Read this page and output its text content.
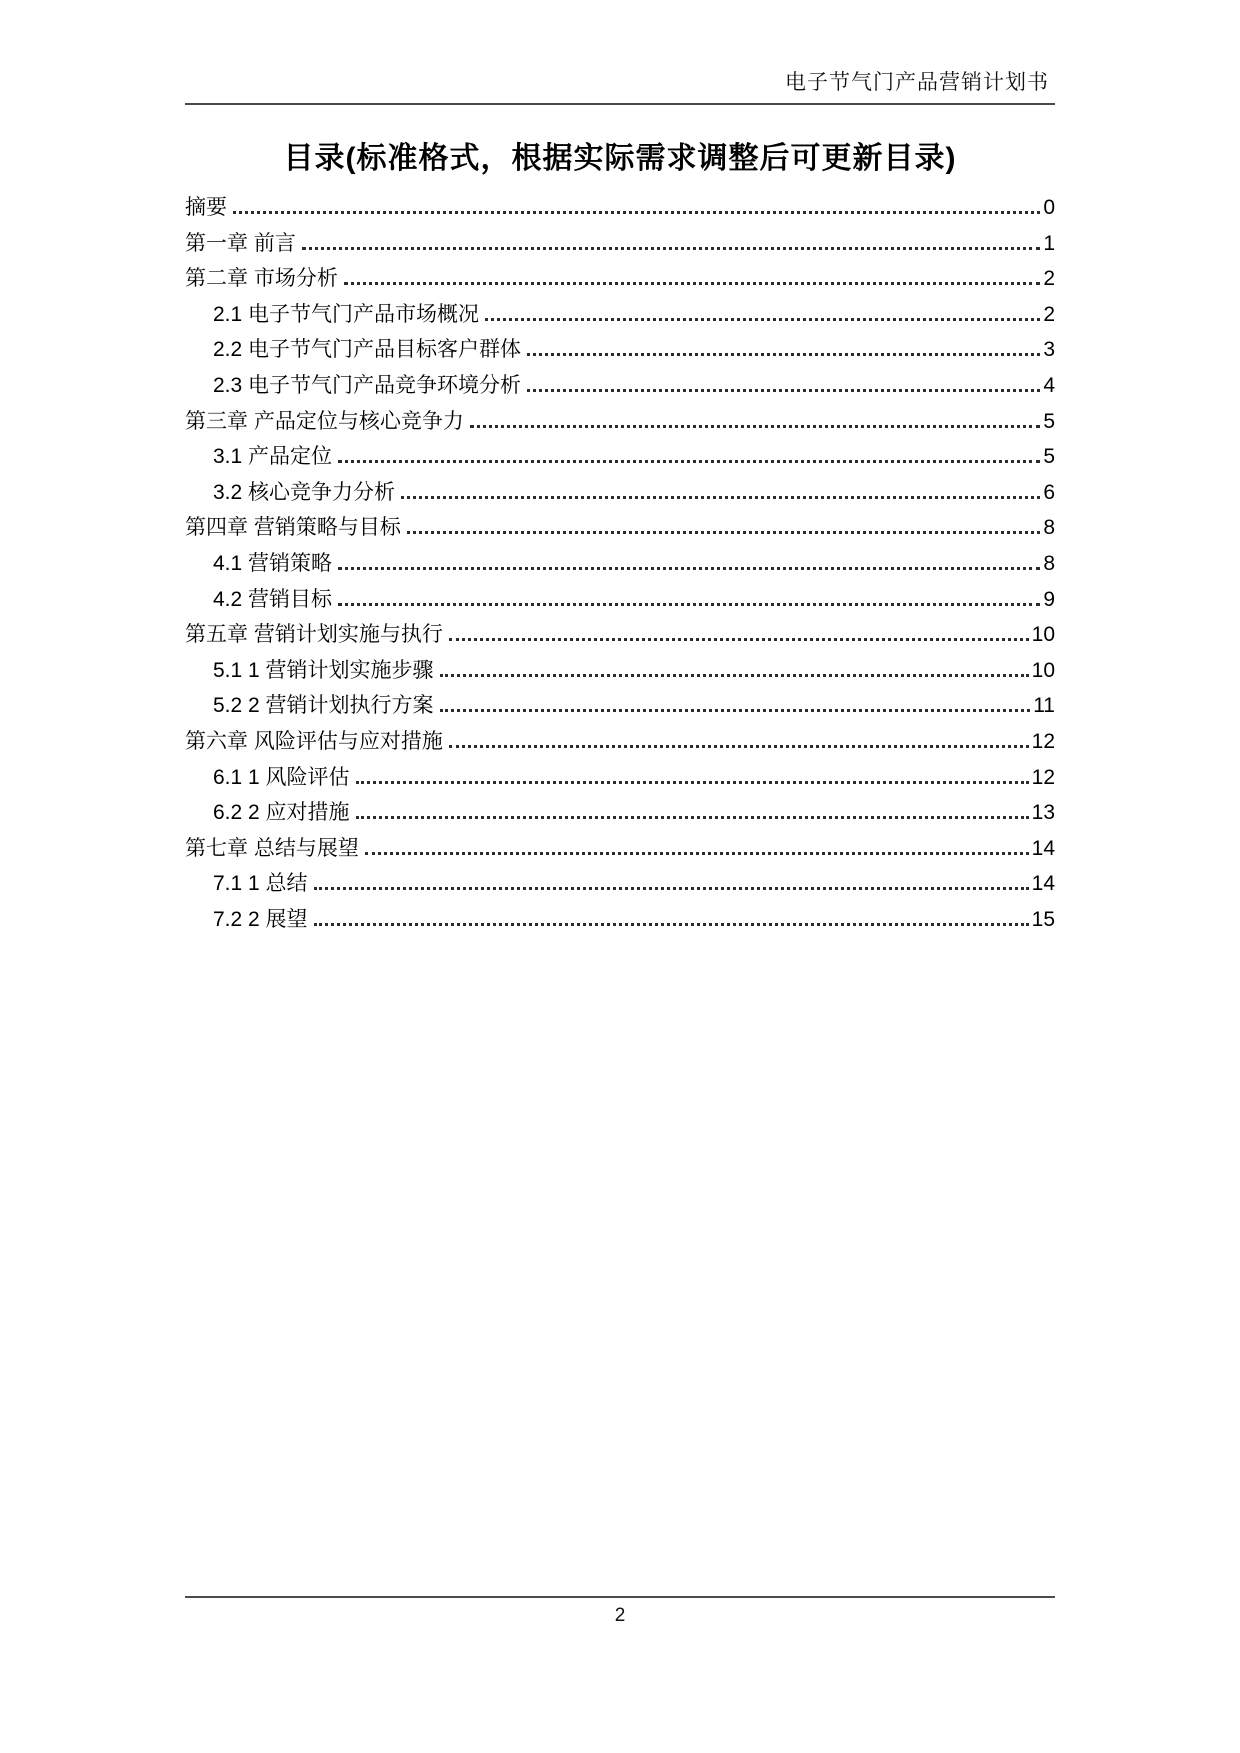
电子节气门产品营销计划书
目录(标准格式，根据实际需求调整后可更新目录)
摘要	0
第一章 前言	1
第二章 市场分析	2
2.1 电子节气门产品市场概况	2
2.2 电子节气门产品目标客户群体	3
2.3 电子节气门产品竞争环境分析	4
第三章 产品定位与核心竞争力	5
3.1 产品定位	5
3.2 核心竞争力分析	6
第四章 营销策略与目标	8
4.1 营销策略	8
4.2 营销目标	9
第五章 营销计划实施与执行	10
5.1 1 营销计划实施步骤	10
5.2 2 营销计划执行方案	11
第六章 风险评估与应对措施	12
6.1 1 风险评估	12
6.2 2 应对措施	13
第七章 总结与展望	14
7.1 1 总结	14
7.2 2 展望	15
2
